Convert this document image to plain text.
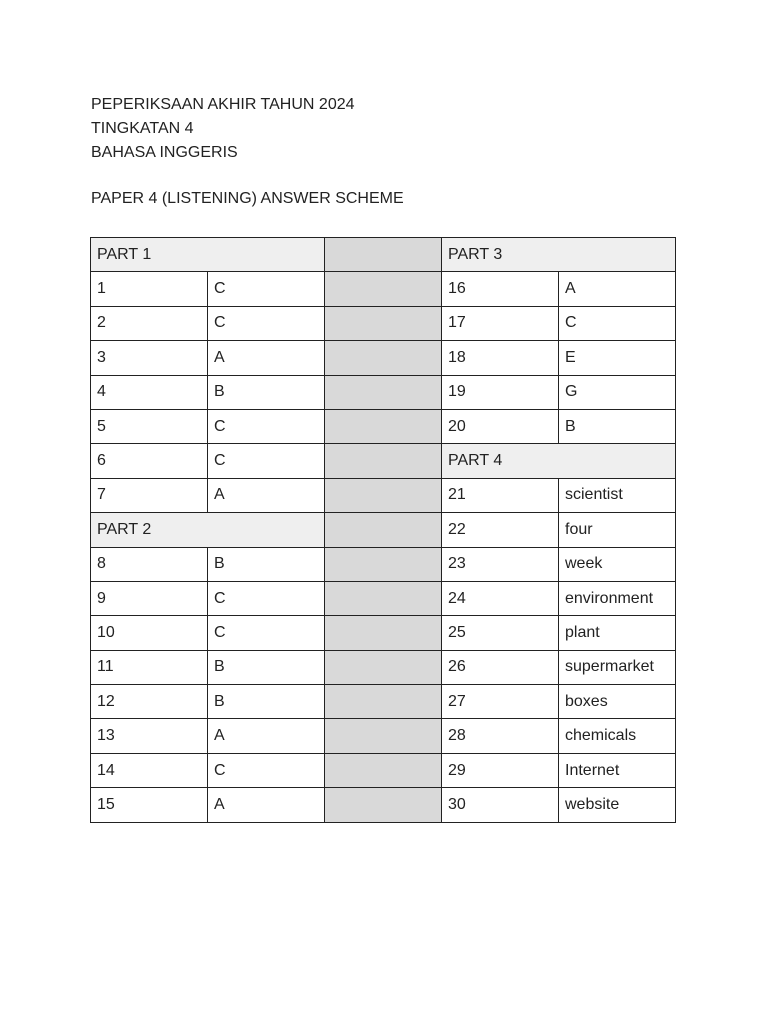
PEPERIKSAAN AKHIR TAHUN 2024
TINGKATAN 4
BAHASA INGGERIS
PAPER 4 (LISTENING) ANSWER SCHEME
PART 1			PART 3	
1	C		16	A
2	C		17	C
3	A		18	E
4	B		19	G
5	C		20	B
6	C		PART 4	
7	A		21	scientist
PART 2			22	four
8	B		23	week
9	C		24	environment
10	C		25	plant
11	B		26	supermarket
12	B		27	boxes
13	A		28	chemicals
14	C		29	Internet
15	A		30	website
